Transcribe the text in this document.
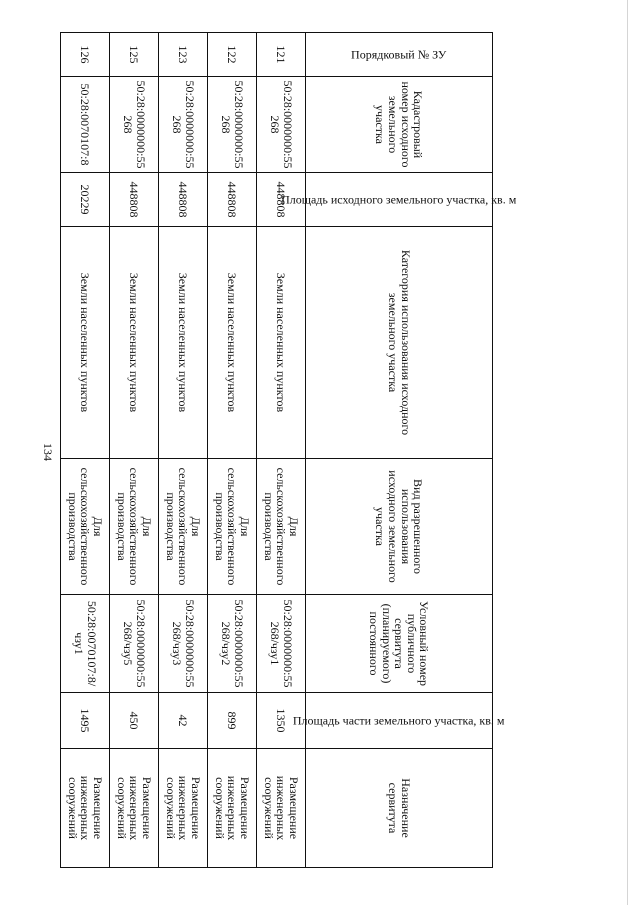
134
Порядковый № ЗУ	Кадастровый номер исходного земельного участка	Площадь исходного земельного участка, кв. м	Категория использования исходного земельного участка	Вид разрешенного использования исходного земельного участка	Условный номер публичного сервитута (планируемого) постоянного	Площадь части земельного участка, кв. м	Назначение сервитута
121	50:28:0000000:55268	448808	Земли населенных пунктов	Для сельскохозяйственного производства	50:28:0000000:55268/чзу1	1350	Размещение инженерных сооружений
122	50:28:0000000:55268	448808	Земли населенных пунктов	Для сельскохозяйственного производства	50:28:0000000:55268/чзу2	899	Размещение инженерных сооружений
123	50:28:0000000:55268	448808	Земли населенных пунктов	Для сельскохозяйственного производства	50:28:0000000:55268/чзу3	42	Размещение инженерных сооружений
125	50:28:0000000:55268	448808	Земли населенных пунктов	Для сельскохозяйственного производства	50:28:0000000:55268/чзу5	450	Размещение инженерных сооружений
126	50:28:0070107:8	20229	Земли населенных пунктов	Для сельскохозяйственного производства	50:28:0070107:8/чзу1	1495	Размещение инженерных сооружений
